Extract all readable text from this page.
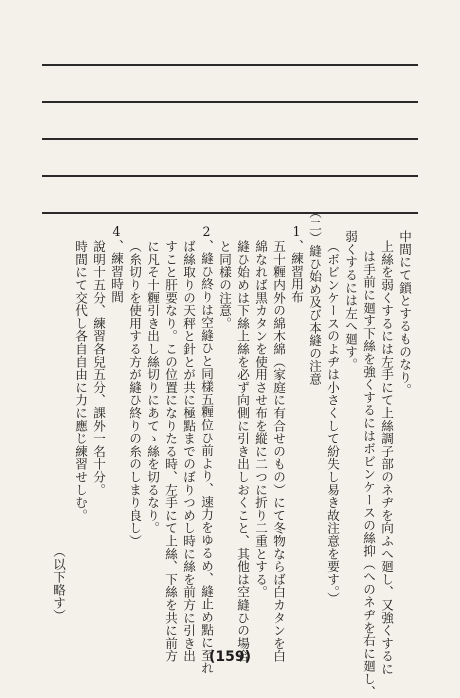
中間にて鎖とするものなり。
上絲を弱くするには左手にて上絲調子部のネヂを向ふへ廻し、又強くするに
は手前に廻す下絲を強くするにはボビンケースの絲抑（へのネヂを右に廻し、
弱くするには左へ廻す。
（ボビンケースのよヂは小さくして紛失し易き故注意を要す。）
（二）縫ひ始め及び本縫の注意
1、練習用布
五十糎内外の綿木綿（家庭に有合せのもの）にて冬物ならば白カタンを白
綿なれば黒カタンを使用させ布を縦に二つに折り二重とする。
縫ひ始めは下絲上絲を必ず向側に引き出しおくこと、其他は空縫ひの場合
と同樣の注意。
2、縫ひ終りは空縫ひと同樣五糎位ひ前より、速力をゆるめ、縫止め點に至れ
ば絲取りの天秤と針とが共に極點までのぼりつめし時に絲を前方に引き出
すこと肝要なり。この位置になりたる時、左手にて上絲、下絲を共に前方
に凡そ十糎引き出し絲切りにあてゝ絲を切るなり。
（糸切りを使用する方が縫ひ終りの糸のしまり良し）
4、練習時間
說明十五分、練習各兒五分、課外一名十分。
時間にて交代し各自自由に力に應じ練習せしむ。
（以下略す）
(159)
